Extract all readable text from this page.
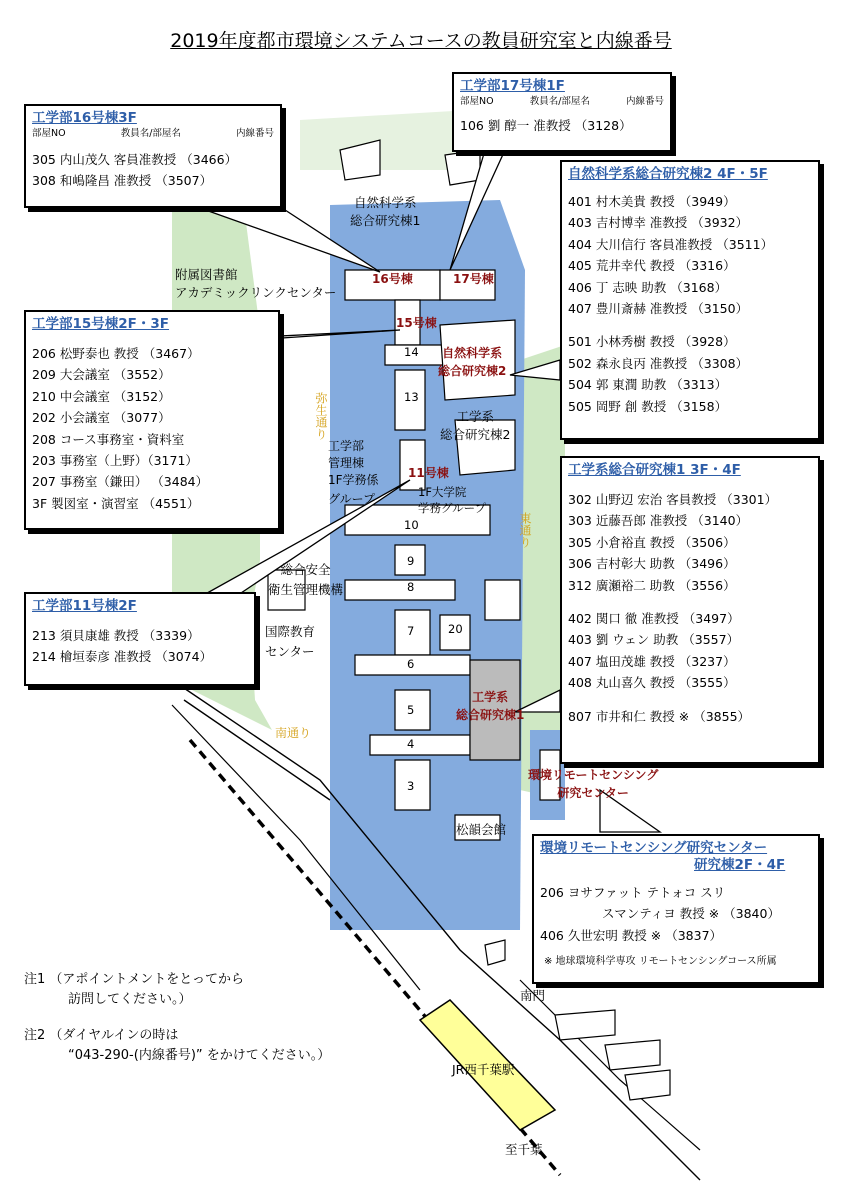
2019年度都市環境システムコースの教員研究室と内線番号
自然科学系
総合研究棟1
附属図書館
アカデミックリンクセンター
16号棟	17号棟
15号棟
自然科学系
総合研究棟2
工学系
総合研究棟2
工学部
管理棟
1F学務係
グループ
11号棟
1F大学院
学務グループ
総合安全
衛生管理機構
国際教育
センター
工学系
総合研究棟1
環境リモートセンシング
研究センター
松韻会館
南門
JR西千葉駅
至千葉
弥生通り
東通り
南通り
14
13
10
9
8
7	20
6
5
4
3
工学部16号棟3F
部屋NO	教員名/部屋名	内線番号
305 内山茂久 客員准教授 （3466）
308 和嶋隆昌 准教授 （3507）
工学部17号棟1F
部屋NO	教員名/部屋名	内線番号
106 劉 醇一 准教授 （3128）
工学部15号棟2F・3F
206 松野泰也 教授 （3467）
209 大会議室 （3552）
210 中会議室 （3152）
202 小会議室 （3077）
208 コース事務室・資料室
203 事務室（上野）（3171）
207 事務室（鎌田） （3484）
3F 製図室・演習室 （4551）
工学部11号棟2F
213 須貝康雄 教授 （3339）
214 檜垣泰彦 准教授 （3074）
自然科学系総合研究棟2 4F・5F
401 村木美貴 教授 （3949）
403 吉村博幸 准教授 （3932）
404 大川信行 客員准教授 （3511）
405 荒井幸代 教授 （3316）
406 丁 志映 助教 （3168）
407 豊川斎赫 准教授 （3150）
501 小林秀樹 教授 （3928）
502 森永良丙 准教授 （3308）
504 郭 東潤 助教 （3313）
505 岡野 創 教授 （3158）
工学系総合研究棟1 3F・4F
302 山野辺 宏治 客員教授 （3301）
303 近藤吾郎 准教授 （3140）
305 小倉裕直 教授 （3506）
306 吉村彰大 助教 （3496）
312 廣瀬裕二 助教 （3556）
402 関口 徹 准教授 （3497）
403 劉 ウェン 助教 （3557）
407 塩田茂雄 教授 （3237）
408 丸山喜久 教授 （3555）
807 市井和仁 教授 ※ （3855）
環境リモートセンシング研究センター
研究棟2F・4F
206 ヨサファット テトォコ スリ
スマンティヨ 教授 ※ （3840）
406 久世宏明 教授 ※ （3837）
※ 地球環境科学専攻 リモートセンシングコース所属
注1 （アポイントメントをとってから
訪問してください。）
注2 （ダイヤルインの時は
“043-290-(内線番号)” をかけてください。）
